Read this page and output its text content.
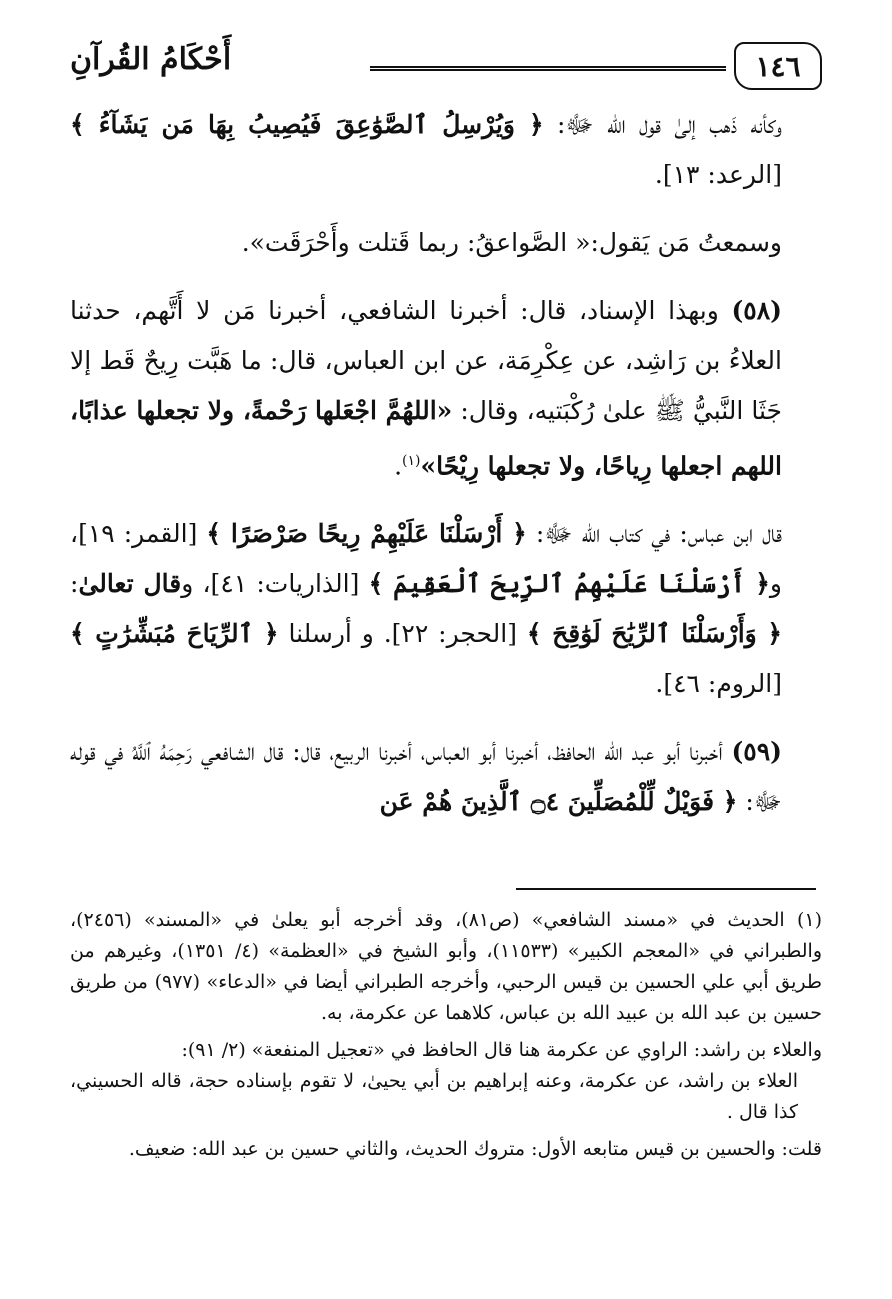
١٤٦
أَحْكَامُ القُرآنِ

وكأنه ذَهب إلىٰ قول الله ﷻ: ﴿ وَيُرْسِلُ ٱلصَّوَٰعِقَ فَيُصِيبُ بِهَا مَن يَشَآءُ ﴾ [الرعد: ١٣].

وسمعتُ مَن يَقول:« الصَّواعقُ: ربما قَتلت وأَحْرَقَت».

(٥٨) وبهذا الإسناد، قال: أخبرنا الشافعي، أخبرنا مَن لا أَتَّهم، حدثنا العلاءُ بن رَاشِد، عن عِكْرِمَة، عن ابن العباس، قال: ما هَبَّت رِيحٌ قَط إلا جَثَا النَّبيُّ ﷺ علىٰ رُكْبَتيه، وقال: «اللهُمَّ اجْعَلها رَحْمةً، ولا تجعلها عذابًا، اللهم اجعلها رِياحًا، ولا تجعلها رِيْحًا»$^{(١)}$.

قال ابن عباس: في كتاب الله ﷻ: ﴿ أَرْسَلْنَا عَلَيْهِمْ رِيحًا صَرْصَرًا ﴾ [القمر: ١٩]، و﴿ أَرْسَلْنَا عَلَيْهِمُ ٱلرِّيحَ ٱلْعَقِيمَ ﴾ [الذاريات: ٤١]، وقال تعالىٰ: ﴿ وَأَرْسَلْنَا ٱلرِّيَٰحَ لَوَٰقِحَ ﴾ [الحجر: ٢٢]. و أرسلنا ﴿ ٱلرِّيَاحَ مُبَشِّرَٰتٍ ﴾ [الروم: ٤٦].

(٥٩) أخبرنا أبو عبد الله الحافظ، أخبرنا أبو العباس، أخبرنا الربيع، قال: قال الشافعي رَحِمَهُ ٱللَّهُ في قوله ﷻ: ﴿ فَوَيْلٌ لِّلْمُصَلِّينَ ۝٤ ٱلَّذِينَ هُمْ عَن

(١) الحديث في «مسند الشافعي» (ص٨١)، وقد أخرجه أبو يعلىٰ في «المسند» (٢٤٥٦)، والطبراني في «المعجم الكبير» (١١٥٣٣)، وأبو الشيخ في «العظمة» (٤/ ١٣٥١)، وغيرهم من طريق أبي علي الحسين بن قيس الرحبي، وأخرجه الطبراني أيضا في «الدعاء» (٩٧٧) من طريق حسين بن عبد الله بن عبيد الله بن عباس، كلاهما عن عكرمة، به.

والعلاء بن راشد: الراوي عن عكرمة هنا قال الحافظ في «تعجيل المنفعة» (٢/ ٩١):

العلاء بن راشد، عن عكرمة، وعنه إبراهيم بن أبي يحيىٰ، لا تقوم بإسناده حجة، قاله الحسيني، كذا قال .

قلت: والحسين بن قيس متابعه الأول: متروك الحديث، والثاني حسين بن عبد الله: ضعيف.
